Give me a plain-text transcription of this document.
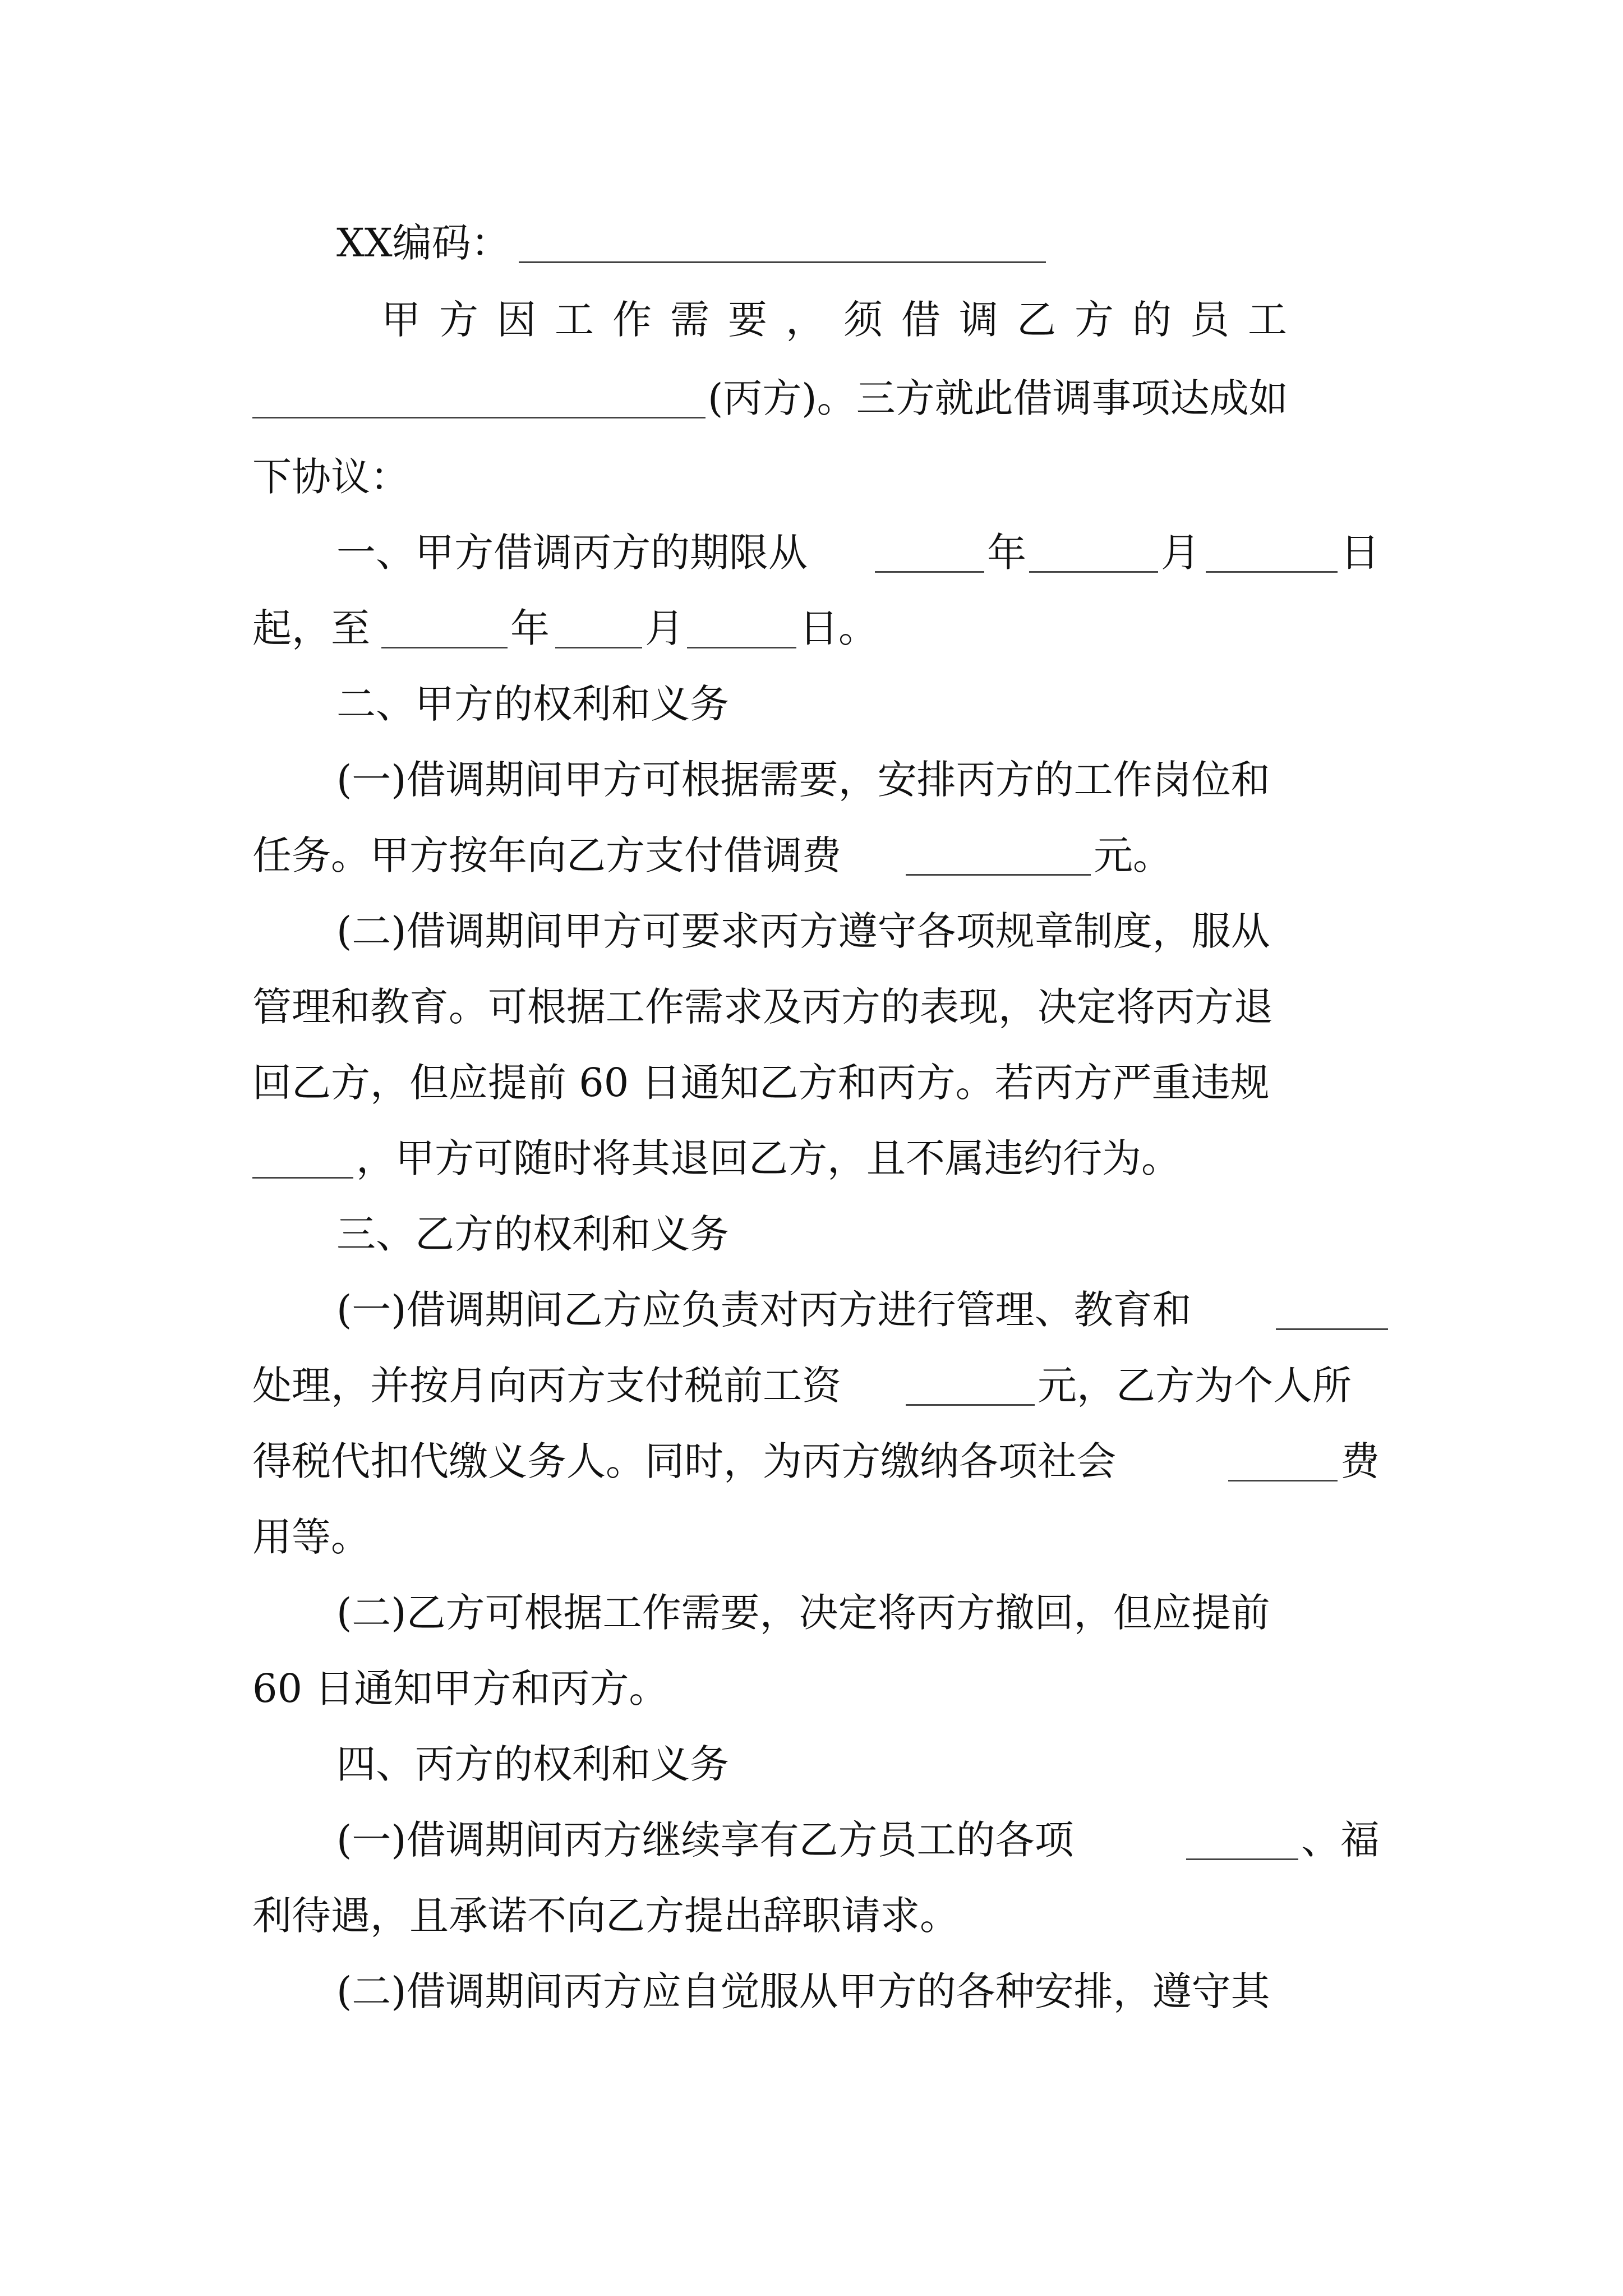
XX编码：
甲方因工作需要，须借调乙方的员工
(丙方)。三方就此借调事项达成如
下协议：
一、甲方借调丙方的期限从	年	月	日
起，至	年 月	日。
二、甲方的权利和义务
(一)借调期间甲方可根据需要，安排丙方的工作岗位和
任务。甲方按年向乙方支付借调费	元。
(二)借调期间甲方可要求丙方遵守各项规章制度，服从
管理和教育。可根据工作需求及丙方的表现，决定将丙方退
回乙方，但应提前 60 日通知乙方和丙方。若丙方严重违规
，甲方可随时将其退回乙方，且不属违约行为。
三、乙方的权利和义务
(一)借调期间乙方应负责对丙方进行管理、教育和
处理，并按月向丙方支付税前工资	元，乙方为个人所
得税代扣代缴义务人。同时，为丙方缴纳各项社会	费
用等。
(二)乙方可根据工作需要，决定将丙方撤回，但应提前
60 日通知甲方和丙方。
四、丙方的权利和义务
(一)借调期间丙方继续享有乙方员工的各项	、福
利待遇，且承诺不向乙方提出辞职请求。
(二)借调期间丙方应自觉服从甲方的各种安排，遵守其
